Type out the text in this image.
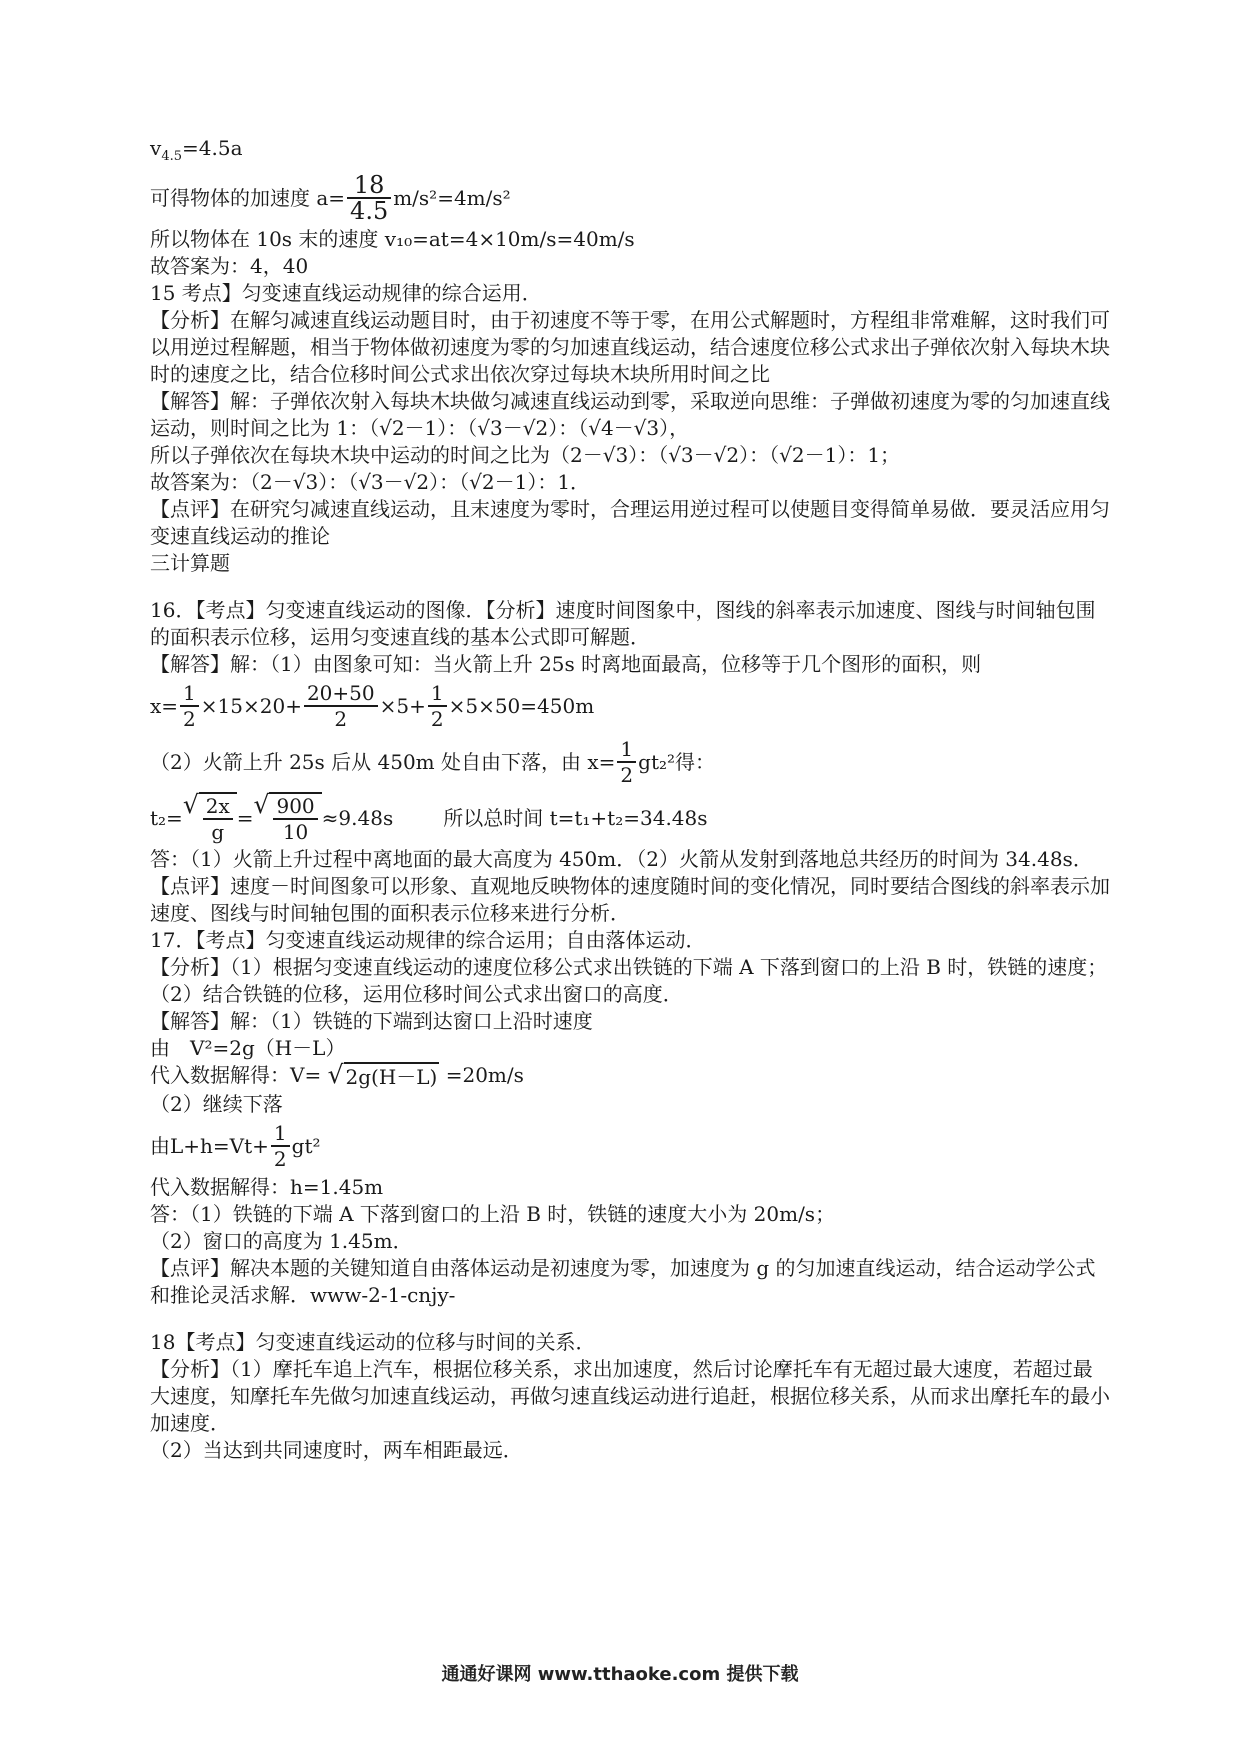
$v_{4.5}=4.5a$
可得物体的加速度 $a= \frac{18}{4.5} m/s^2=4m/s^2$
所以物体在 10s 末的速度 v₁₀=at=4×10m/s=40m/s
故答案为：4，40
15 考点】匀变速直线运动规律的综合运用．
【分析】在解匀减速直线运动题目时，由于初速度不等于零，在用公式解题时，方程组非常难解，这时我们可以用逆过程解题，相当于物体做初速度为零的匀加速直线运动，结合速度位移公式求出子弹依次射入每块木块时的速度之比，结合位移时间公式求出依次穿过每块木块所用时间之比
【解答】解：子弹依次射入每块木块做匀减速直线运动到零，采取逆向思维：子弹做初速度为零的匀加速直线运动，则时间之比为 1：（√2－1）：（√3－√2）：（√4－√3），
所以子弹依次在每块木块中运动的时间之比为（2－√3）：（√3－√2）：（√2－1）：1；
故答案为：（2－√3）：（√3－√2）：（√2－1）：1．
【点评】在研究匀减速直线运动，且末速度为零时，合理运用逆过程可以使题目变得简单易做．要灵活应用匀变速直线运动的推论
三计算题
16．【考点】匀变速直线运动的图像．【分析】速度时间图象中，图线的斜率表示加速度、图线与时间轴包围的面积表示位移，运用匀变速直线的基本公式即可解题．
【解答】解：（1）由图象可知：当火箭上升 25s 时离地面最高，位移等于几个图形的面积，则
$x= \frac{1}{2} \times 15\times 20+ \frac{20+50}{2} \times 5+ \frac{1}{2} \times 5\times 50=450m$
（2）火箭上升 25s 后从 450m 处自由下落，由 $x= \frac{1}{2} gt_2^2$得：
t₂= √ $\frac{2x}{g}$ = √ $\frac{900}{10} \approx 9.48s$	所以总时间 t=t₁+t₂=34.48s
答：（1）火箭上升过程中离地面的最大高度为 450m．（2）火箭从发射到落地总共经历的时间为 34.48s．
【点评】速度－时间图象可以形象、直观地反映物体的速度随时间的变化情况，同时要结合图线的斜率表示加速度、图线与时间轴包围的面积表示位移来进行分析．
17．【考点】匀变速直线运动规律的综合运用；自由落体运动．
【分析】（1）根据匀变速直线运动的速度位移公式求出铁链的下端 A 下落到窗口的上沿 B 时，铁链的速度；
（2）结合铁链的位移，运用位移时间公式求出窗口的高度．
【解答】解：（1）铁链的下端到达窗口上沿时速度
由　V²=2g（H－L）
代入数据解得：V= √ 2g(H－L) =20m/s
（2）继续下落
由$L+h=Vt+ \frac{1}{2} gt^2$
代入数据解得：h=1.45m
答：（1）铁链的下端 A 下落到窗口的上沿 B 时，铁链的速度大小为 20m/s；
（2）窗口的高度为 1.45m．
【点评】解决本题的关键知道自由落体运动是初速度为零，加速度为 g 的匀加速直线运动，结合运动学公式和推论灵活求解．www-2-1-cnjy-
18【考点】匀变速直线运动的位移与时间的关系．
【分析】（1）摩托车追上汽车，根据位移关系，求出加速度，然后讨论摩托车有无超过最大速度，若超过最大速度，知摩托车先做匀加速直线运动，再做匀速直线运动进行追赶，根据位移关系，从而求出摩托车的最小加速度．
（2）当达到共同速度时，两车相距最远．
通通好课网 www.tthaoke.com 提供下载
